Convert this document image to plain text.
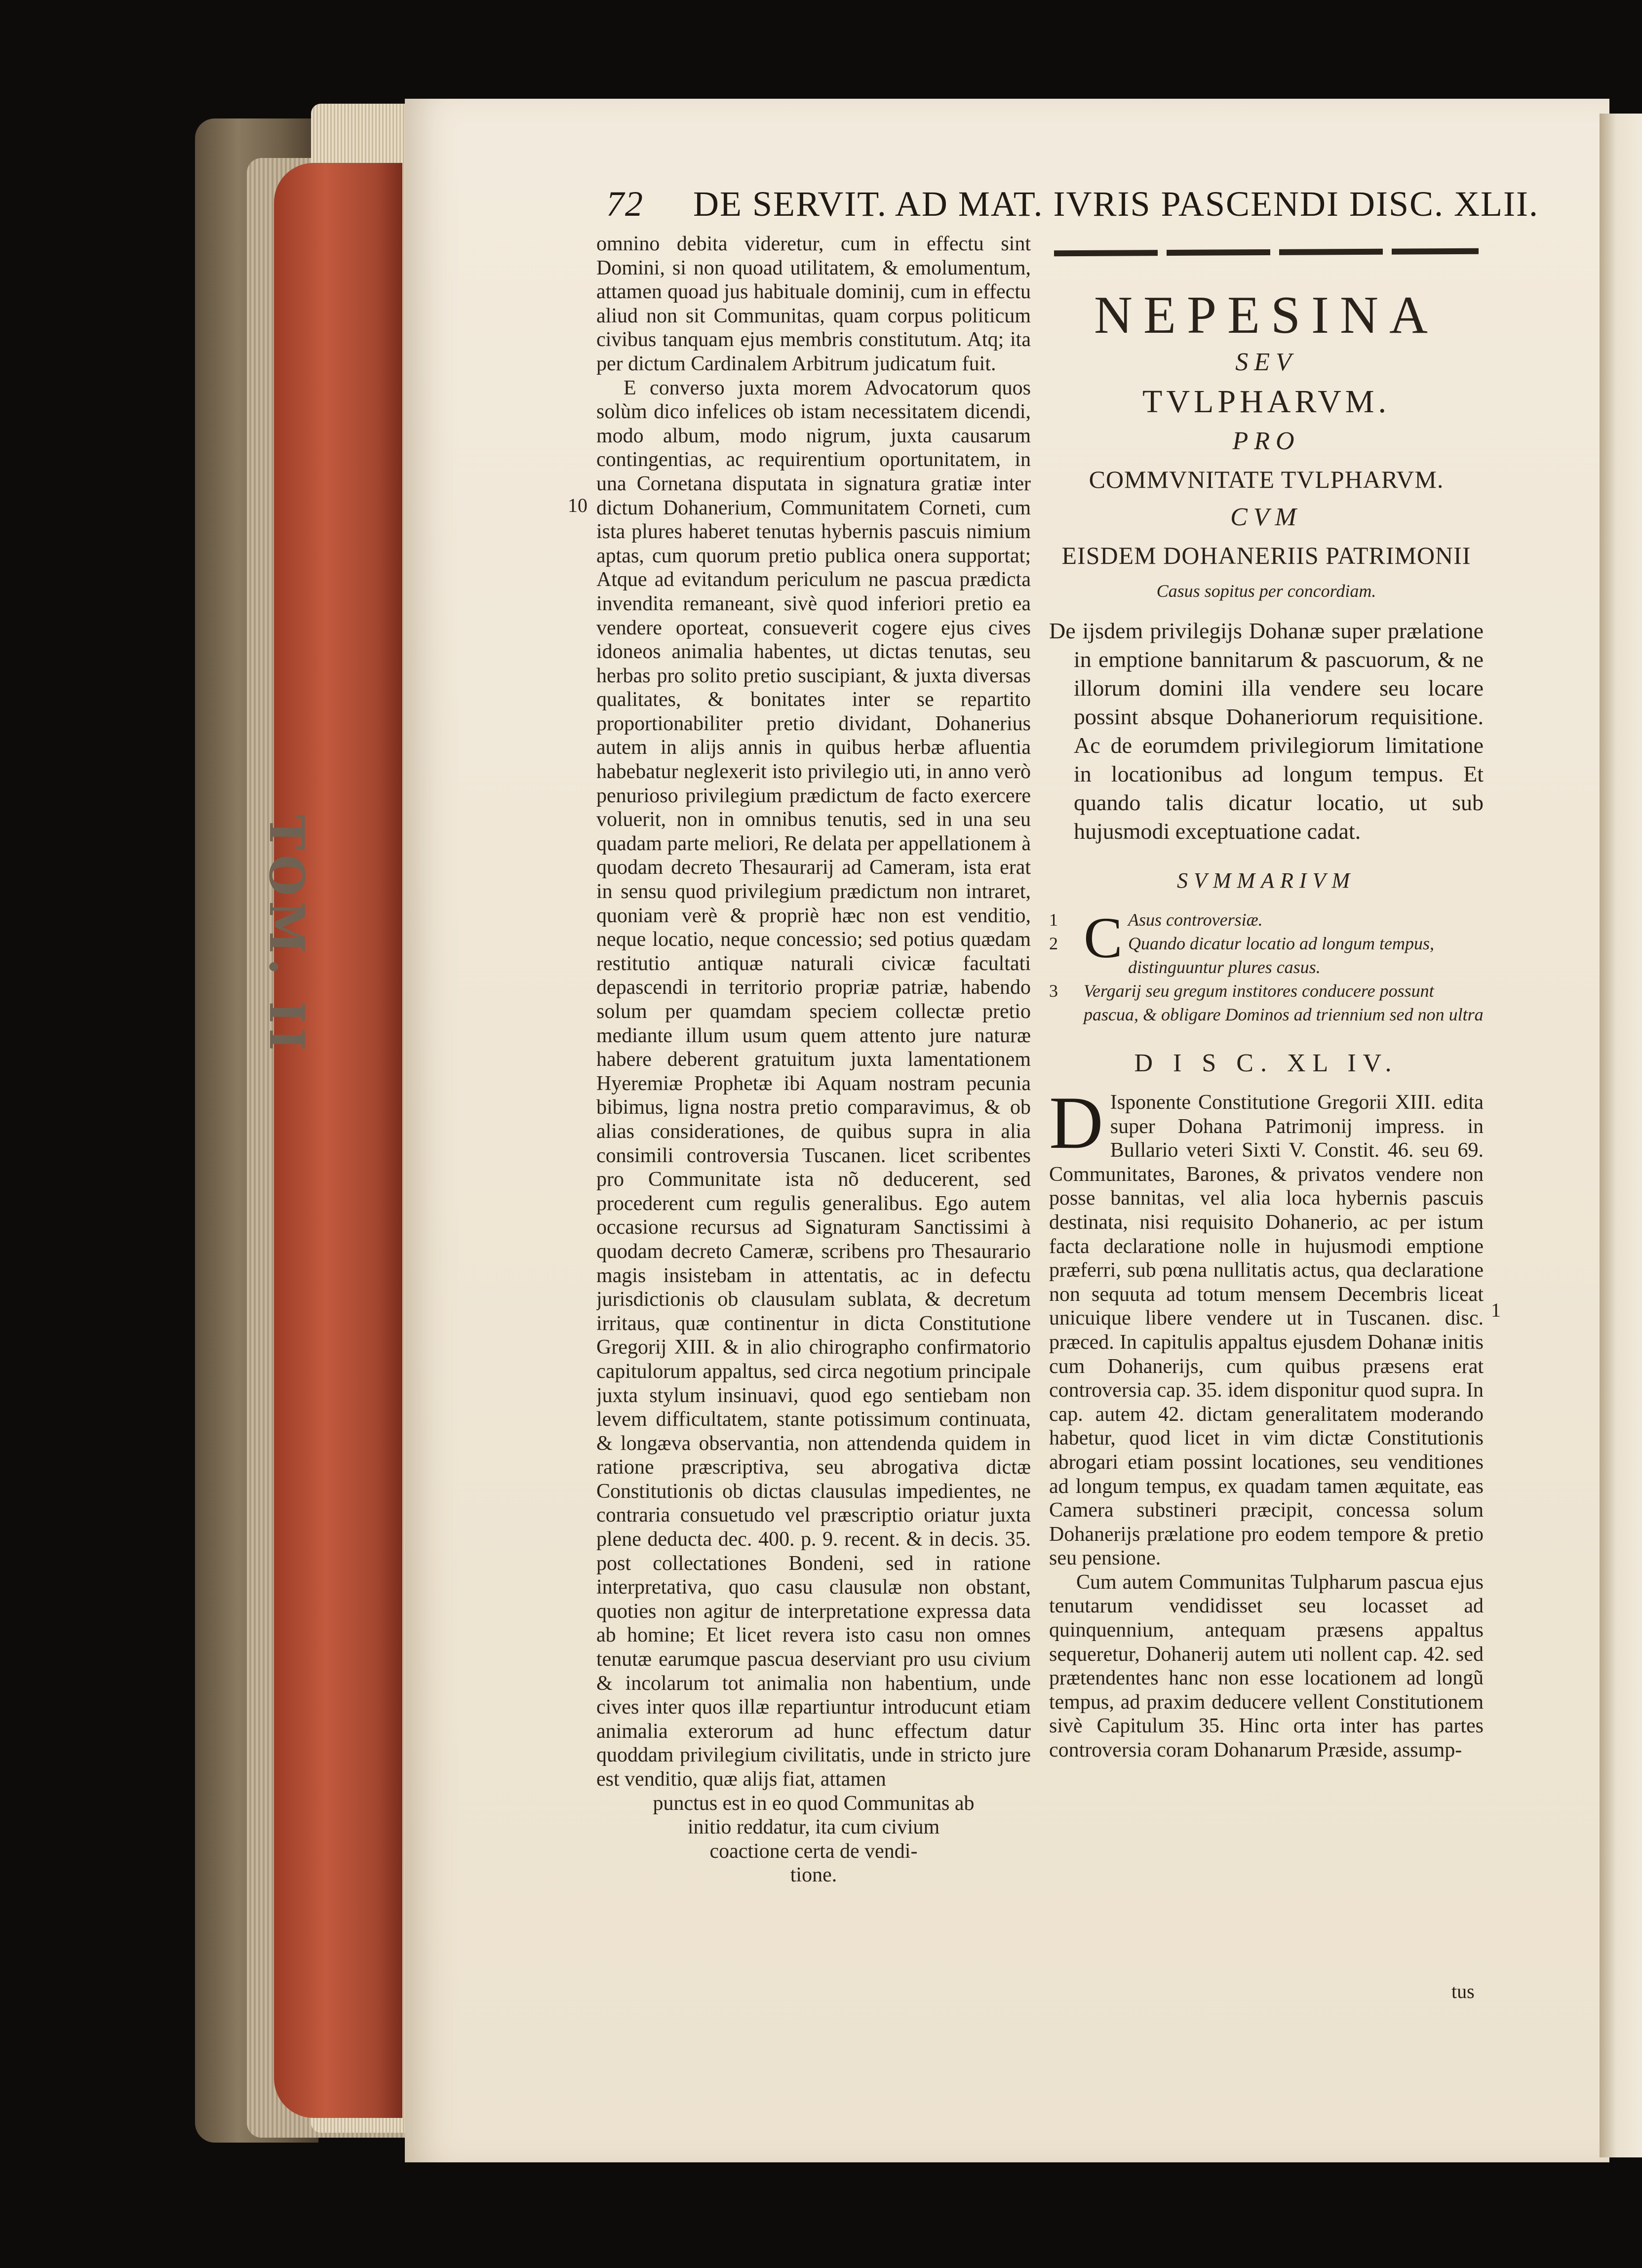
TOM. II
72 DE SERVIT. AD MAT. IVRIS PASCENDI DISC. XLII.
10

omnino debita videretur, cum in effectu sint Domini, si non quoad utilitatem, & emolumentum, attamen quoad jus habituale dominij, cum in effectu aliud non sit Communitas, quam corpus politicum civibus tanquam ejus membris constitutum. Atq; ita per dictum Cardinalem Arbitrum judicatum fuit.

E converso juxta morem Advocatorum quos solùm dico infelices ob istam necessitatem dicendi, modo album, modo nigrum, juxta causarum contingentias, ac requirentium oportunitatem, in una Cornetana disputata in signatura gratiæ inter dictum Dohanerium, Communitatem Corneti, cum ista plures haberet tenutas hybernis pascuis nimium aptas, cum quorum pretio publica onera supportat; Atque ad evitandum periculum ne pascua prædicta invendita remaneant, sivè quod inferiori pretio ea vendere oporteat, consueverit cogere ejus cives idoneos animalia habentes, ut dictas tenutas, seu herbas pro solito pretio suscipiant, & juxta diversas qualitates, & bonitates inter se repartito proportionabiliter pretio dividant, Dohanerius autem in alijs annis in quibus herbæ afluentia habebatur neglexerit isto privilegio uti, in anno verò penurioso privilegium prædictum de facto exercere voluerit, non in omnibus tenutis, sed in una seu quadam parte meliori, Re delata per appellationem à quodam decreto Thesaurarij ad Cameram, ista erat in sensu quod privilegium prædictum non intraret, quoniam verè & propriè hæc non est venditio, neque locatio, neque concessio; sed potius quædam restitutio antiquæ naturali civicæ facultati depascendi in territorio propriæ patriæ, habendo solum per quamdam speciem collectæ pretio mediante illum usum quem attento jure naturæ habere deberent gratuitum juxta lamentationem Hyeremiæ Prophetæ ibi Aquam nostram pecunia bibimus, ligna nostra pretio comparavimus, & ob alias considerationes, de quibus supra in alia consimili controversia Tuscanen. licet scribentes pro Communitate ista nõ deducerent, sed procederent cum regulis generalibus. Ego autem occasione recursus ad Signaturam Sanctissimi à quodam decreto Cameræ, scribens pro Thesaurario magis insistebam in attentatis, ac in defectu jurisdictionis ob clausulam sublata, & decretum irritaus, quæ continentur in dicta Constitutione Gregorij XIII. & in alio chirographo confirmatorio capitulorum appaltus, sed circa negotium principale juxta stylum insinuavi, quod ego sentiebam non levem difficultatem, stante potissimum continuata, & longæva observantia, non attendenda quidem in ratione præscriptiva, seu abrogativa dictæ Constitutionis ob dictas clausulas impedientes, ne contraria consuetudo vel præscriptio oriatur juxta plene deducta dec. 400. p. 9. recent. & in decis. 35. post collectationes Bondeni, sed in ratione interpretativa, quo casu clausulæ non obstant, quoties non agitur de interpretatione expressa data ab homine; Et licet revera isto casu non omnes tenutæ earumque pascua deserviant pro usu civium & incolarum tot animalia non habentium, unde cives inter quos illæ repartiuntur introducunt etiam animalia exterorum ad hunc effectum datur quoddam privilegium civilitatis, unde in stricto jure est venditio, quæ alijs fiat, attamen

punctus est in eo quod Communitas ab

initio reddatur, ita cum civium

coactione certa de vendi-

tione.

NEPESINA
SEV
TVLPHARVM.
PRO
COMMVNITATE TVLPHARVM.
CVM
EISDEM DOHANERIIS PATRIMONII
Casus sopitus per concordiam.
De ijsdem privilegijs Dohanæ super prælatione in emptione bannitarum & pascuorum, & ne illorum domini illa vendere seu locare possint absque Dohaneriorum requisitione. Ac de eorumdem privilegiorum limitatione in locationibus ad longum tempus. Et quando talis dicatur locatio, ut sub hujusmodi exceptuatione cadat.
SVMMARIVM
C
1	Asus controversiæ.
2	Quando dicatur locatio ad longum tempus, distinguuntur plures casus.
3 Vergarij seu gregum institores conducere possunt pascua, & obligare Dominos ad triennium sed non ultra
D I S C. XL IV.
D Isponente Constitutione Gregorii XIII. edita super Dohana Patrimonij impress. in Bullario veteri Sixti V. Constit. 46. seu 69. Communitates, Barones, & privatos vendere non posse bannitas, vel alia loca hybernis pascuis destinata, nisi requisito Dohanerio, ac per istum facta declaratione nolle in hujusmodi emptione præferri, sub pœna nullitatis actus, qua declaratione non sequuta ad totum mensem Decembris liceat unicuique libere vendere ut in Tuscanen. disc. præced. In capitulis appaltus ejusdem Dohanæ initis cum Dohanerijs, cum quibus præsens erat controversia cap. 35. idem disponitur quod supra. In cap. autem 42. dictam generalitatem moderando habetur, quod licet in vim dictæ Constitutionis abrogari etiam possint locationes, seu venditiones ad longum tempus, ex quadam tamen æquitate, eas Camera substineri præcipit, concessa solum Dohanerijs prælatione pro eodem tempore & pretio seu pensione.

Cum autem Communitas Tulpharum pascua ejus tenutarum vendidisset seu locasset ad quinquennium, antequam præsens appaltus sequeretur, Dohanerij autem uti nollent cap. 42. sed prætendentes hanc non esse locationem ad longũ tempus, ad praxim deducere vellent Constitutionem sivè Capitulum 35. Hinc orta inter has partes controversia coram Dohanarum Præside, assump-

1
tus
